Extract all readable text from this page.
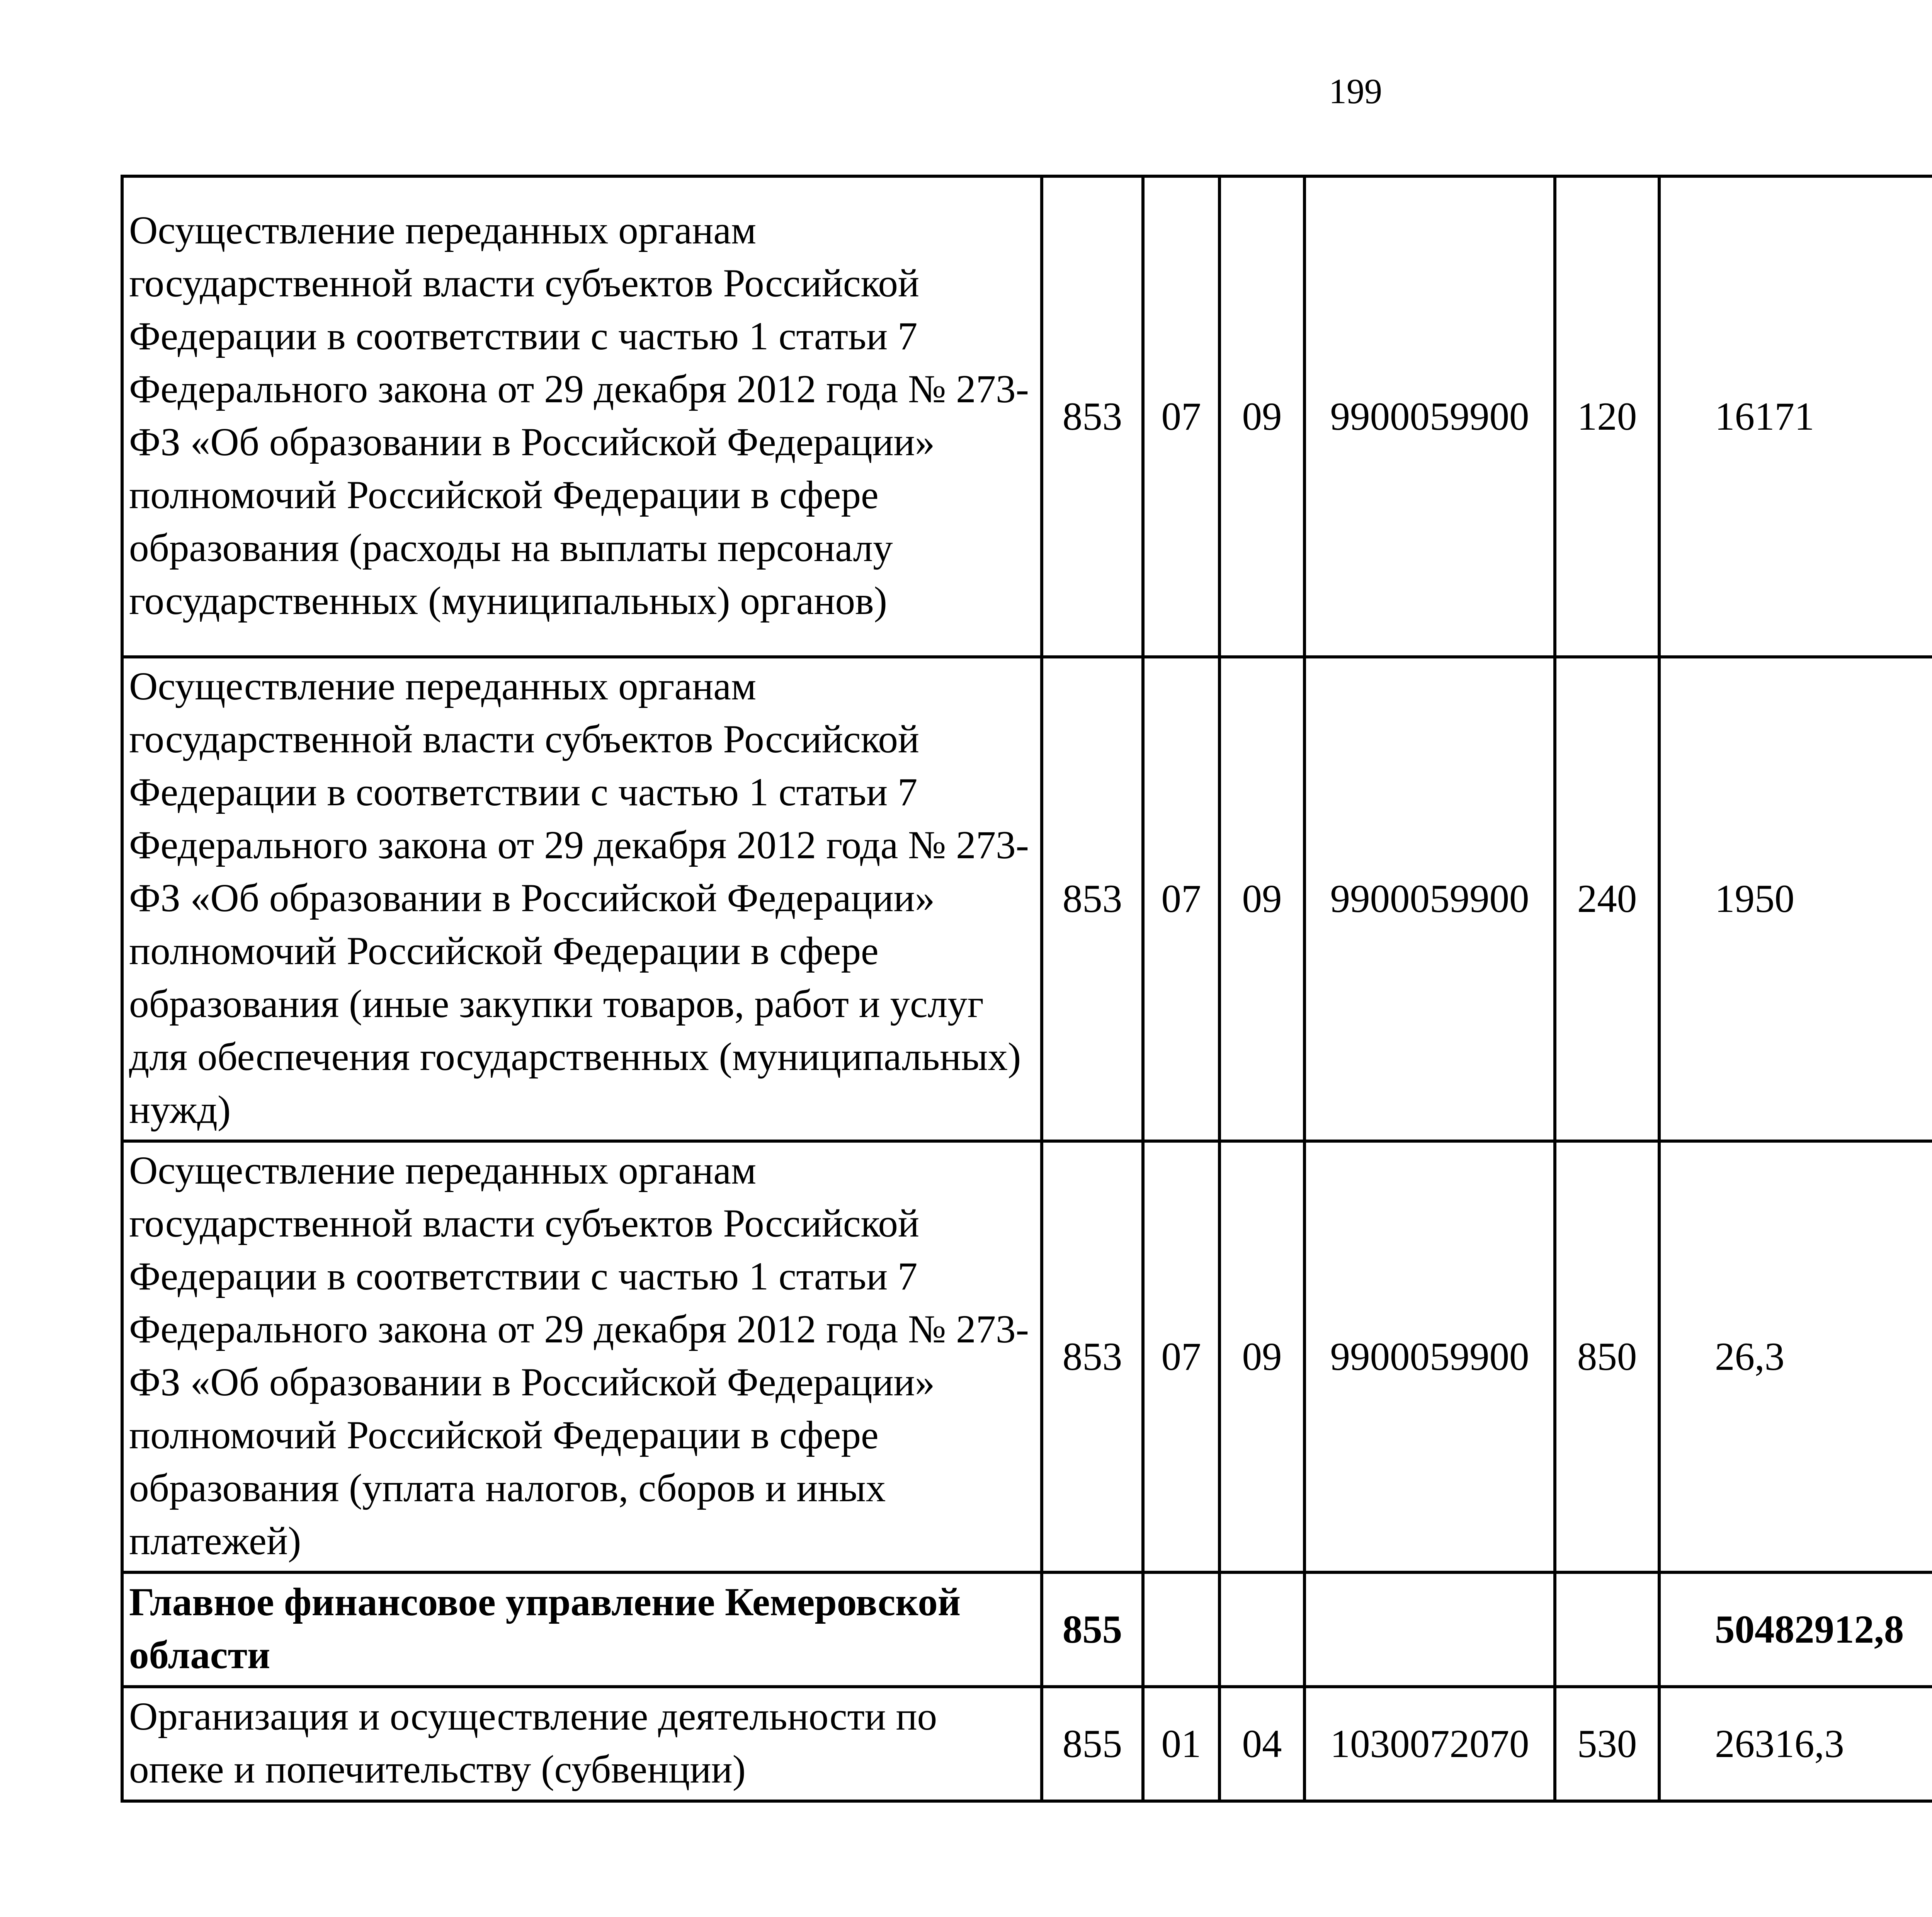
199
Осуществление переданных органам государственной власти субъектов Российской Федерации в соответствии с частью 1 статьи 7 Федерального закона от 29 декабря 2012 года № 273-ФЗ «Об образовании в Российской Федерации» полномочий Российской Федерации в сфере образования (расходы на выплаты персоналу государственных (муниципальных) органов)	853	07	09	9900059900	120	16171		
Осуществление переданных органам государственной власти субъектов Российской Федерации в соответствии с частью 1 статьи 7 Федерального закона от 29 декабря 2012 года № 273-ФЗ «Об образовании в Российской Федерации» полномочий Российской Федерации в сфере образования (иные закупки товаров, работ и услуг для обеспечения государственных (муниципальных) нужд)	853	07	09	9900059900	240	1950		
Осуществление переданных органам государственной власти субъектов Российской Федерации в соответствии с частью 1 статьи 7 Федерального закона от 29 декабря 2012 года № 273-ФЗ «Об образовании в Российской Федерации» полномочий Российской Федерации в сфере образования (уплата налогов, сборов и иных платежей)	853	07	09	9900059900	850	26,3		
Главное финансовое управление Кемеровской области	855					50482912,8		
Организация и осуществление деятельности по опеке и попечительству (субвенции)	855	01	04	1030072070	530	26316,3		
